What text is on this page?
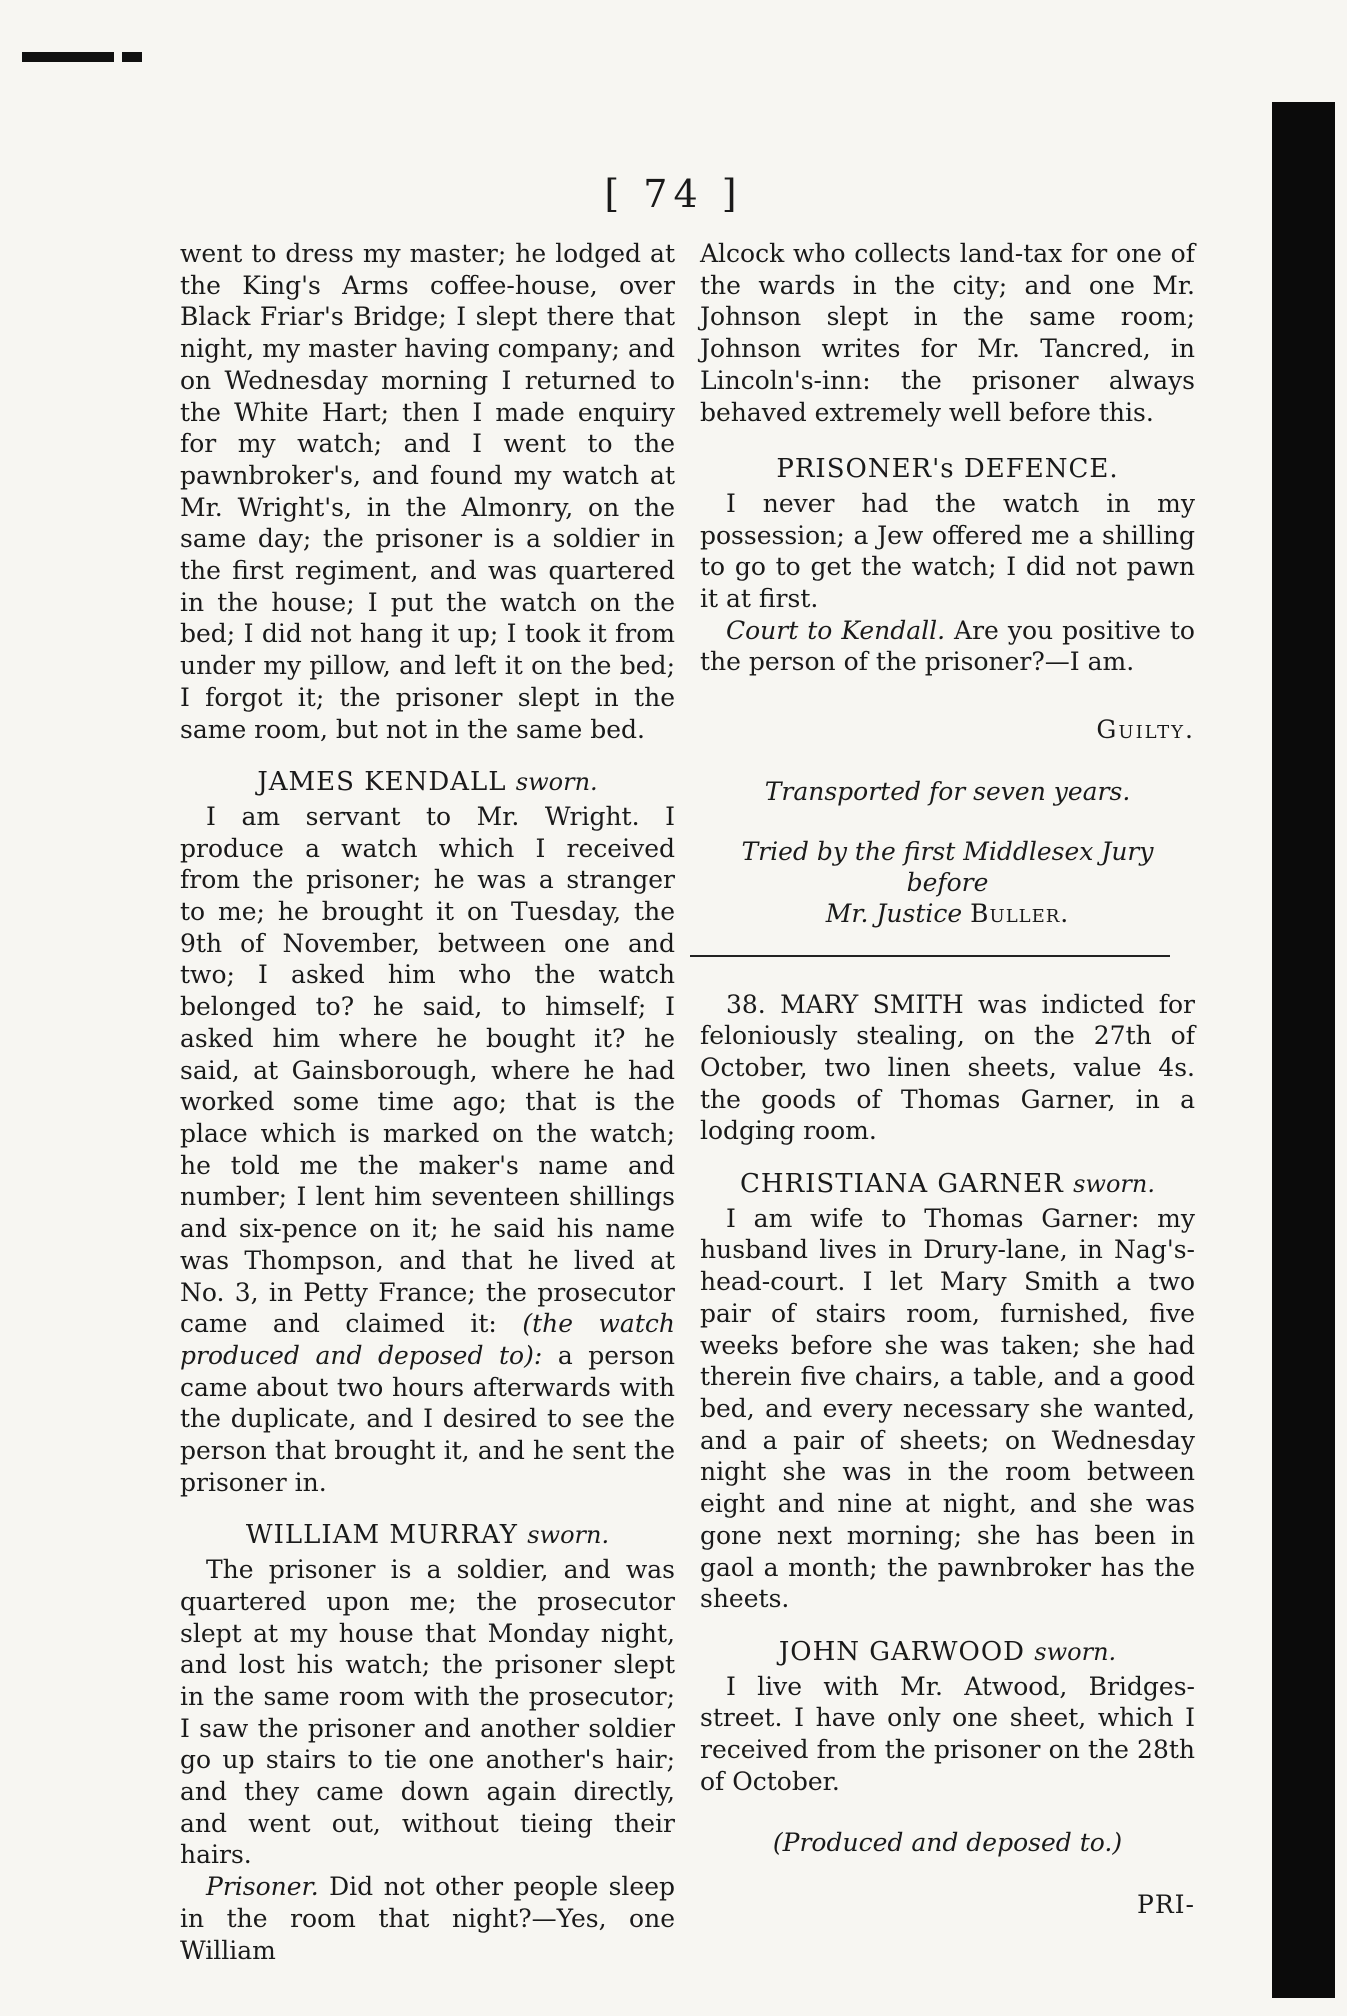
[ 74 ]

went to dress my master; he lodged at the King's Arms coffee-house, over Black Friar's Bridge; I slept there that night, my master having company; and on Wednesday morning I returned to the White Hart; then I made enquiry for my watch; and I went to the pawnbroker's, and found my watch at Mr. Wright's, in the Almonry, on the same day; the prisoner is a soldier in the first regiment, and was quartered in the house; I put the watch on the bed; I did not hang it up; I took it from under my pillow, and left it on the bed; I forgot it; the prisoner slept in the same room, but not in the same bed.

JAMES KENDALL sworn.

I am servant to Mr. Wright. I produce a watch which I received from the prisoner; he was a stranger to me; he brought it on Tuesday, the 9th of November, between one and two; I asked him who the watch belonged to? he said, to himself; I asked him where he bought it? he said, at Gainsborough, where he had worked some time ago; that is the place which is marked on the watch; he told me the maker's name and number; I lent him seventeen shillings and six-pence on it; he said his name was Thompson, and that he lived at No. 3, in Petty France; the prosecutor came and claimed it: (the watch produced and deposed to): a person came about two hours afterwards with the duplicate, and I desired to see the person that brought it, and he sent the prisoner in.

WILLIAM MURRAY sworn.

The prisoner is a soldier, and was quartered upon me; the prosecutor slept at my house that Monday night, and lost his watch; the prisoner slept in the same room with the prosecutor; I saw the prisoner and another soldier go up stairs to tie one another's hair; and they came down again directly, and went out, without tieing their hairs.

Prisoner. Did not other people sleep in the room that night?—Yes, one William

Alcock who collects land-tax for one of the wards in the city; and one Mr. Johnson slept in the same room; Johnson writes for Mr. Tancred, in Lincoln's-inn: the prisoner always behaved extremely well before this.

PRISONER's DEFENCE.

I never had the watch in my possession; a Jew offered me a shilling to go to get the watch; I did not pawn it at first.

Court to Kendall. Are you positive to the person of the prisoner?—I am.

Guilty.
Transported for seven years.
Tried by the first Middlesex Jury before
Mr. Justice Buller.

38. MARY SMITH was indicted for feloniously stealing, on the 27th of October, two linen sheets, value 4s. the goods of Thomas Garner, in a lodging room.

CHRISTIANA GARNER sworn.

I am wife to Thomas Garner: my husband lives in Drury-lane, in Nag's-head-court. I let Mary Smith a two pair of stairs room, furnished, five weeks before she was taken; she had therein five chairs, a table, and a good bed, and every necessary she wanted, and a pair of sheets; on Wednesday night she was in the room between eight and nine at night, and she was gone next morning; she has been in gaol a month; the pawnbroker has the sheets.

JOHN GARWOOD sworn.

I live with Mr. Atwood, Bridges-street. I have only one sheet, which I received from the prisoner on the 28th of October.

(Produced and deposed to.)
PRI-
